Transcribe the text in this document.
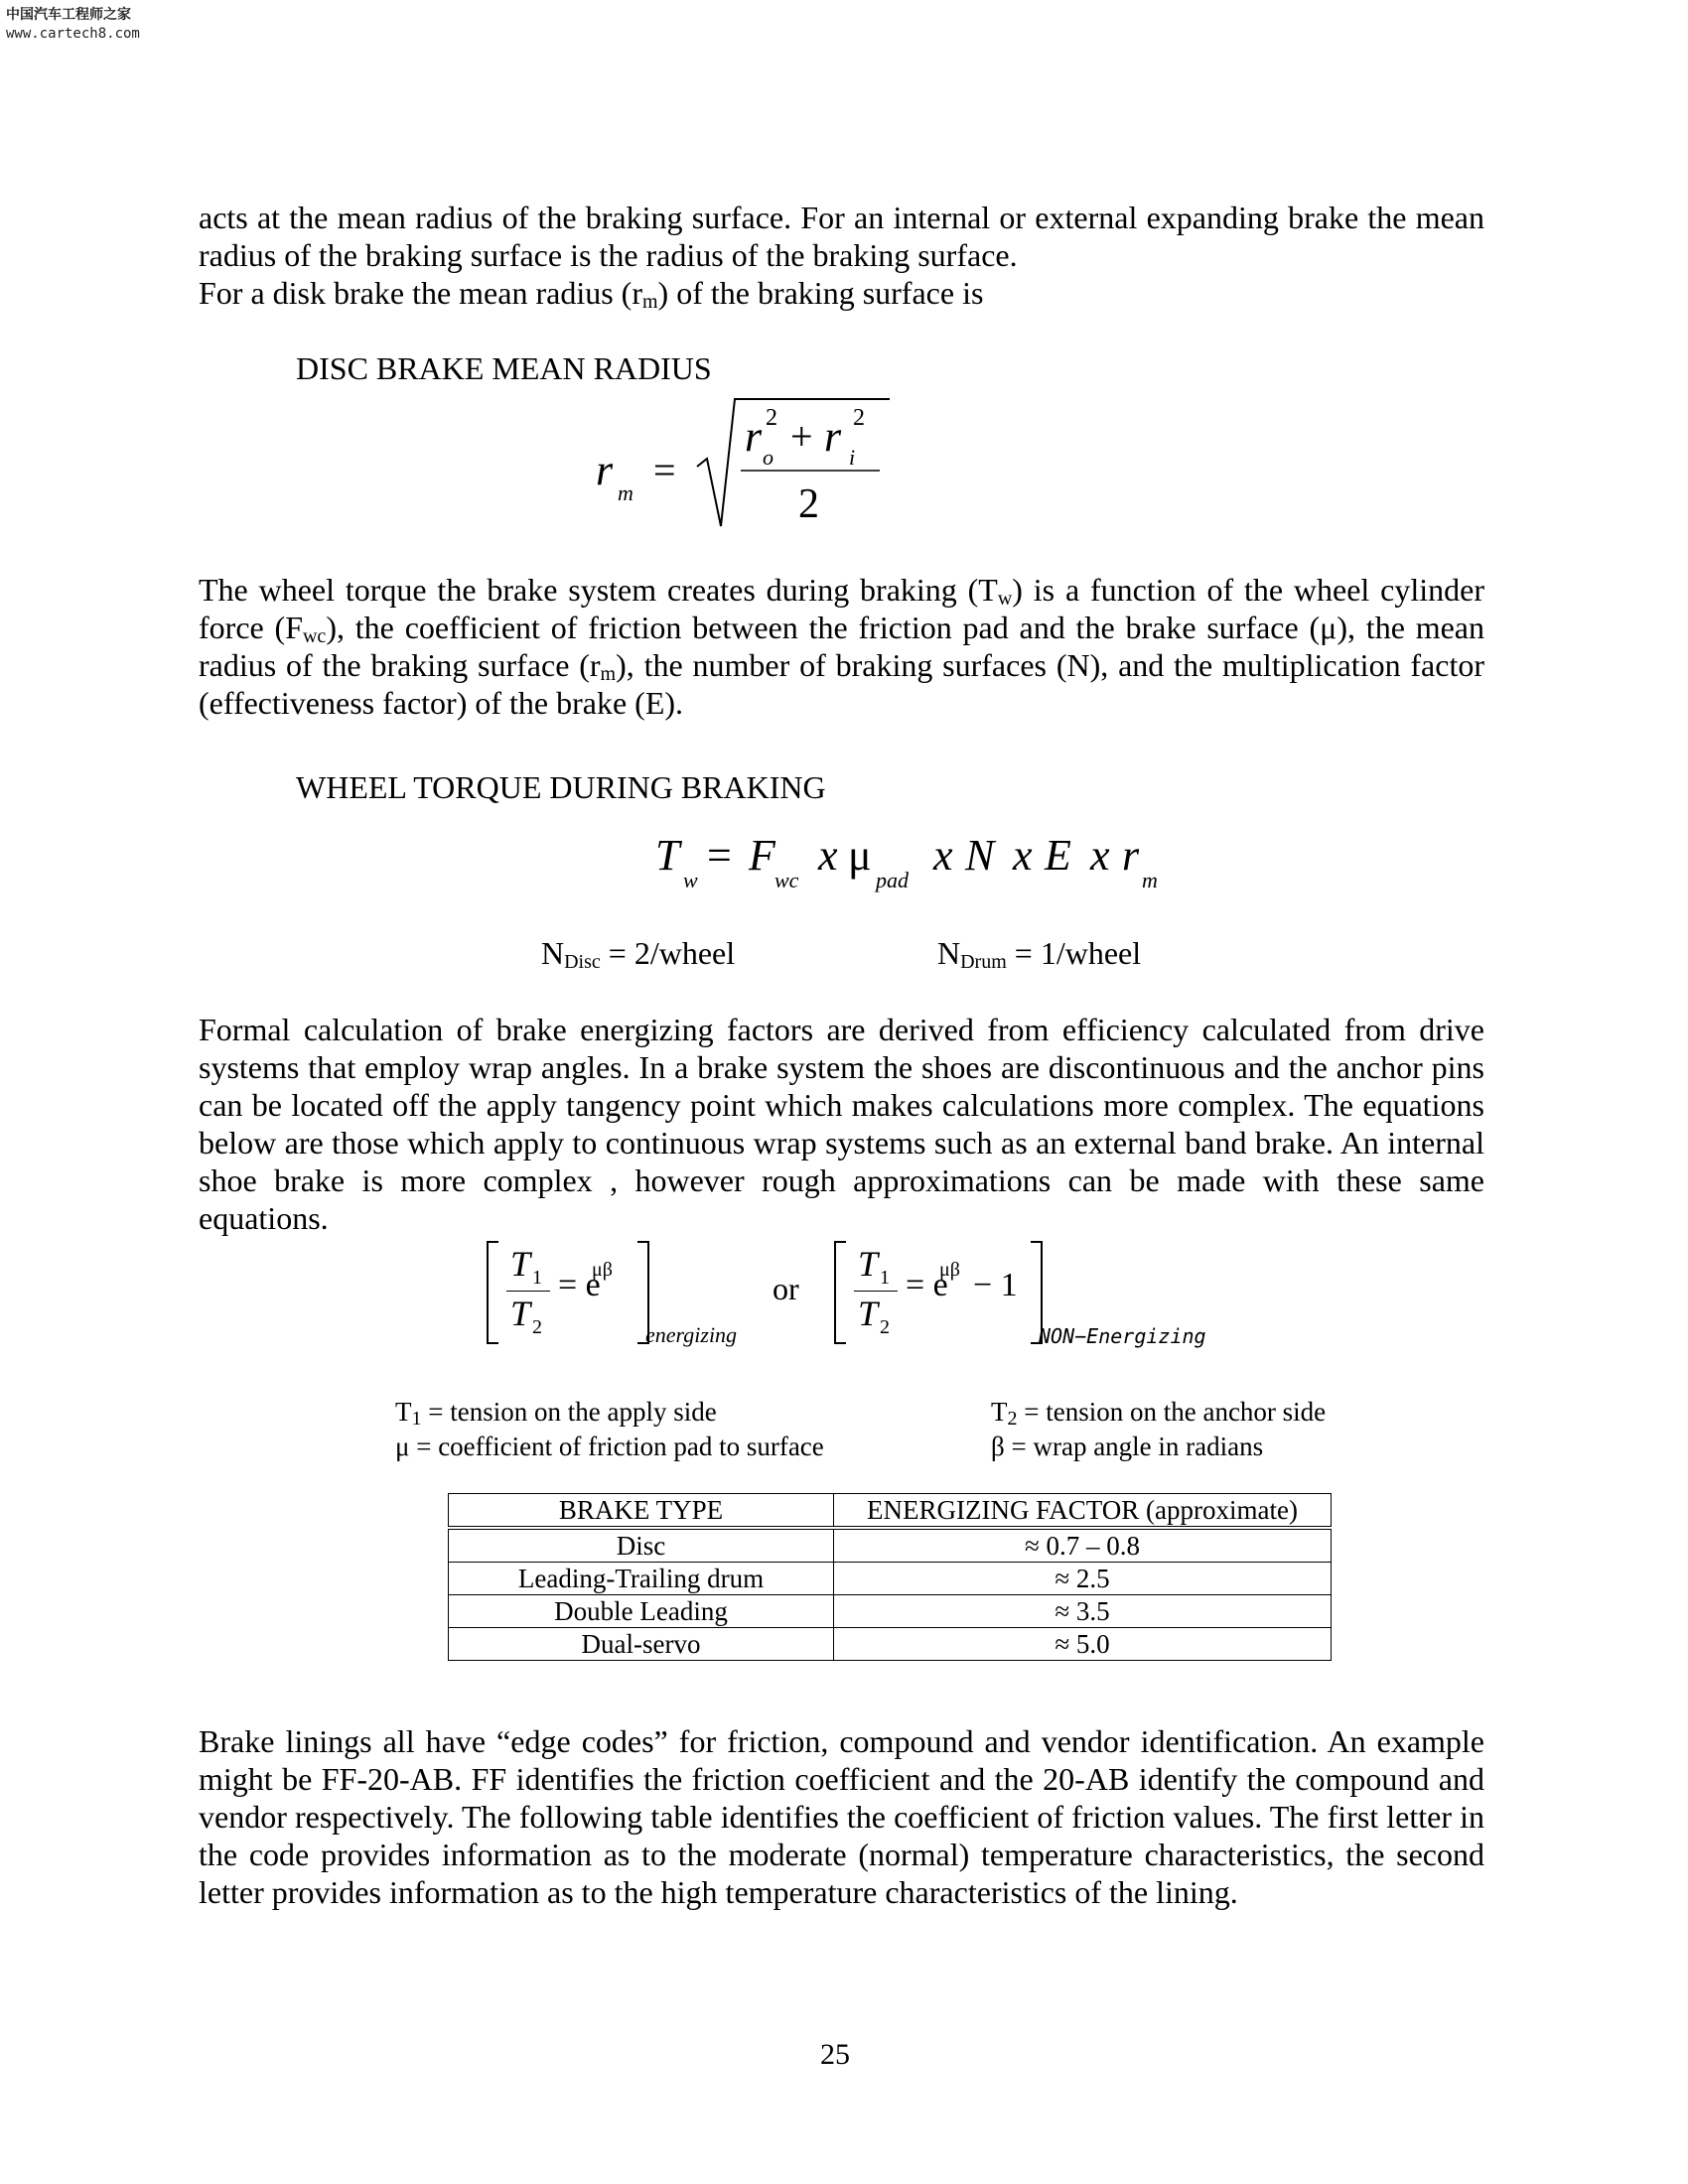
中国汽车工程师之家
www.cartech8.com

acts at the mean radius of the braking surface. For an internal or external expanding brake the mean radius of the braking surface is the radius of the braking surface.
For a disk brake the mean radius $(r_m)$ of the braking surface is

DISC BRAKE MEAN RADIUS

r m
=
r 2
o + r 2
i
2

The wheel torque the brake system creates during braking $(T_w)$ is a function of the wheel cylinder force $(F_{wc})$, the coefficient of friction between the friction pad and the brake surface (μ), the mean radius of the braking surface $(r_m)$, the number of braking surfaces (N), and the multiplication factor (effectiveness factor) of the brake (E).

WHEEL TORQUE DURING BRAKING

T
w
= F
wc
x μ
pad
x N x E x r
m
$N_{Disc}$ = 2/wheel	$N_{Drum}$ = 1/wheel

Formal calculation of brake energizing factors are derived from efficiency calculated from drive systems that employ wrap angles. In a brake system the shoes are discontinuous and the anchor pins can be located off the apply tangency point which makes calculations more complex. The equations below are those which apply to continuous wrap systems such as an external band brake. An internal shoe brake is more complex , however rough approximations can be made with these same equations.

T 1
T 2
= e
μβ
energizing
or
T 1
T 2
= e
μβ − 1
NON−Energizing
$T_1$ = tension on the apply side	$T_2$ = tension on the anchor side
μ = coefficient of friction pad to surface	β = wrap angle in radians
BRAKE TYPE	ENERGIZING FACTOR (approximate)
Disc	≈ 0.7 – 0.8
Leading-Trailing drum	≈ 2.5
Double Leading	≈ 3.5
Dual-servo	≈ 5.0

Brake linings all have “edge codes” for friction, compound and vendor identification. An example might be FF-20-AB. FF identifies the friction coefficient and the 20-AB identify the compound and vendor respectively. The following table identifies the coefficient of friction values. The first letter in the code provides information as to the moderate (normal) temperature characteristics, the second letter provides information as to the high temperature characteristics of the lining.

25
